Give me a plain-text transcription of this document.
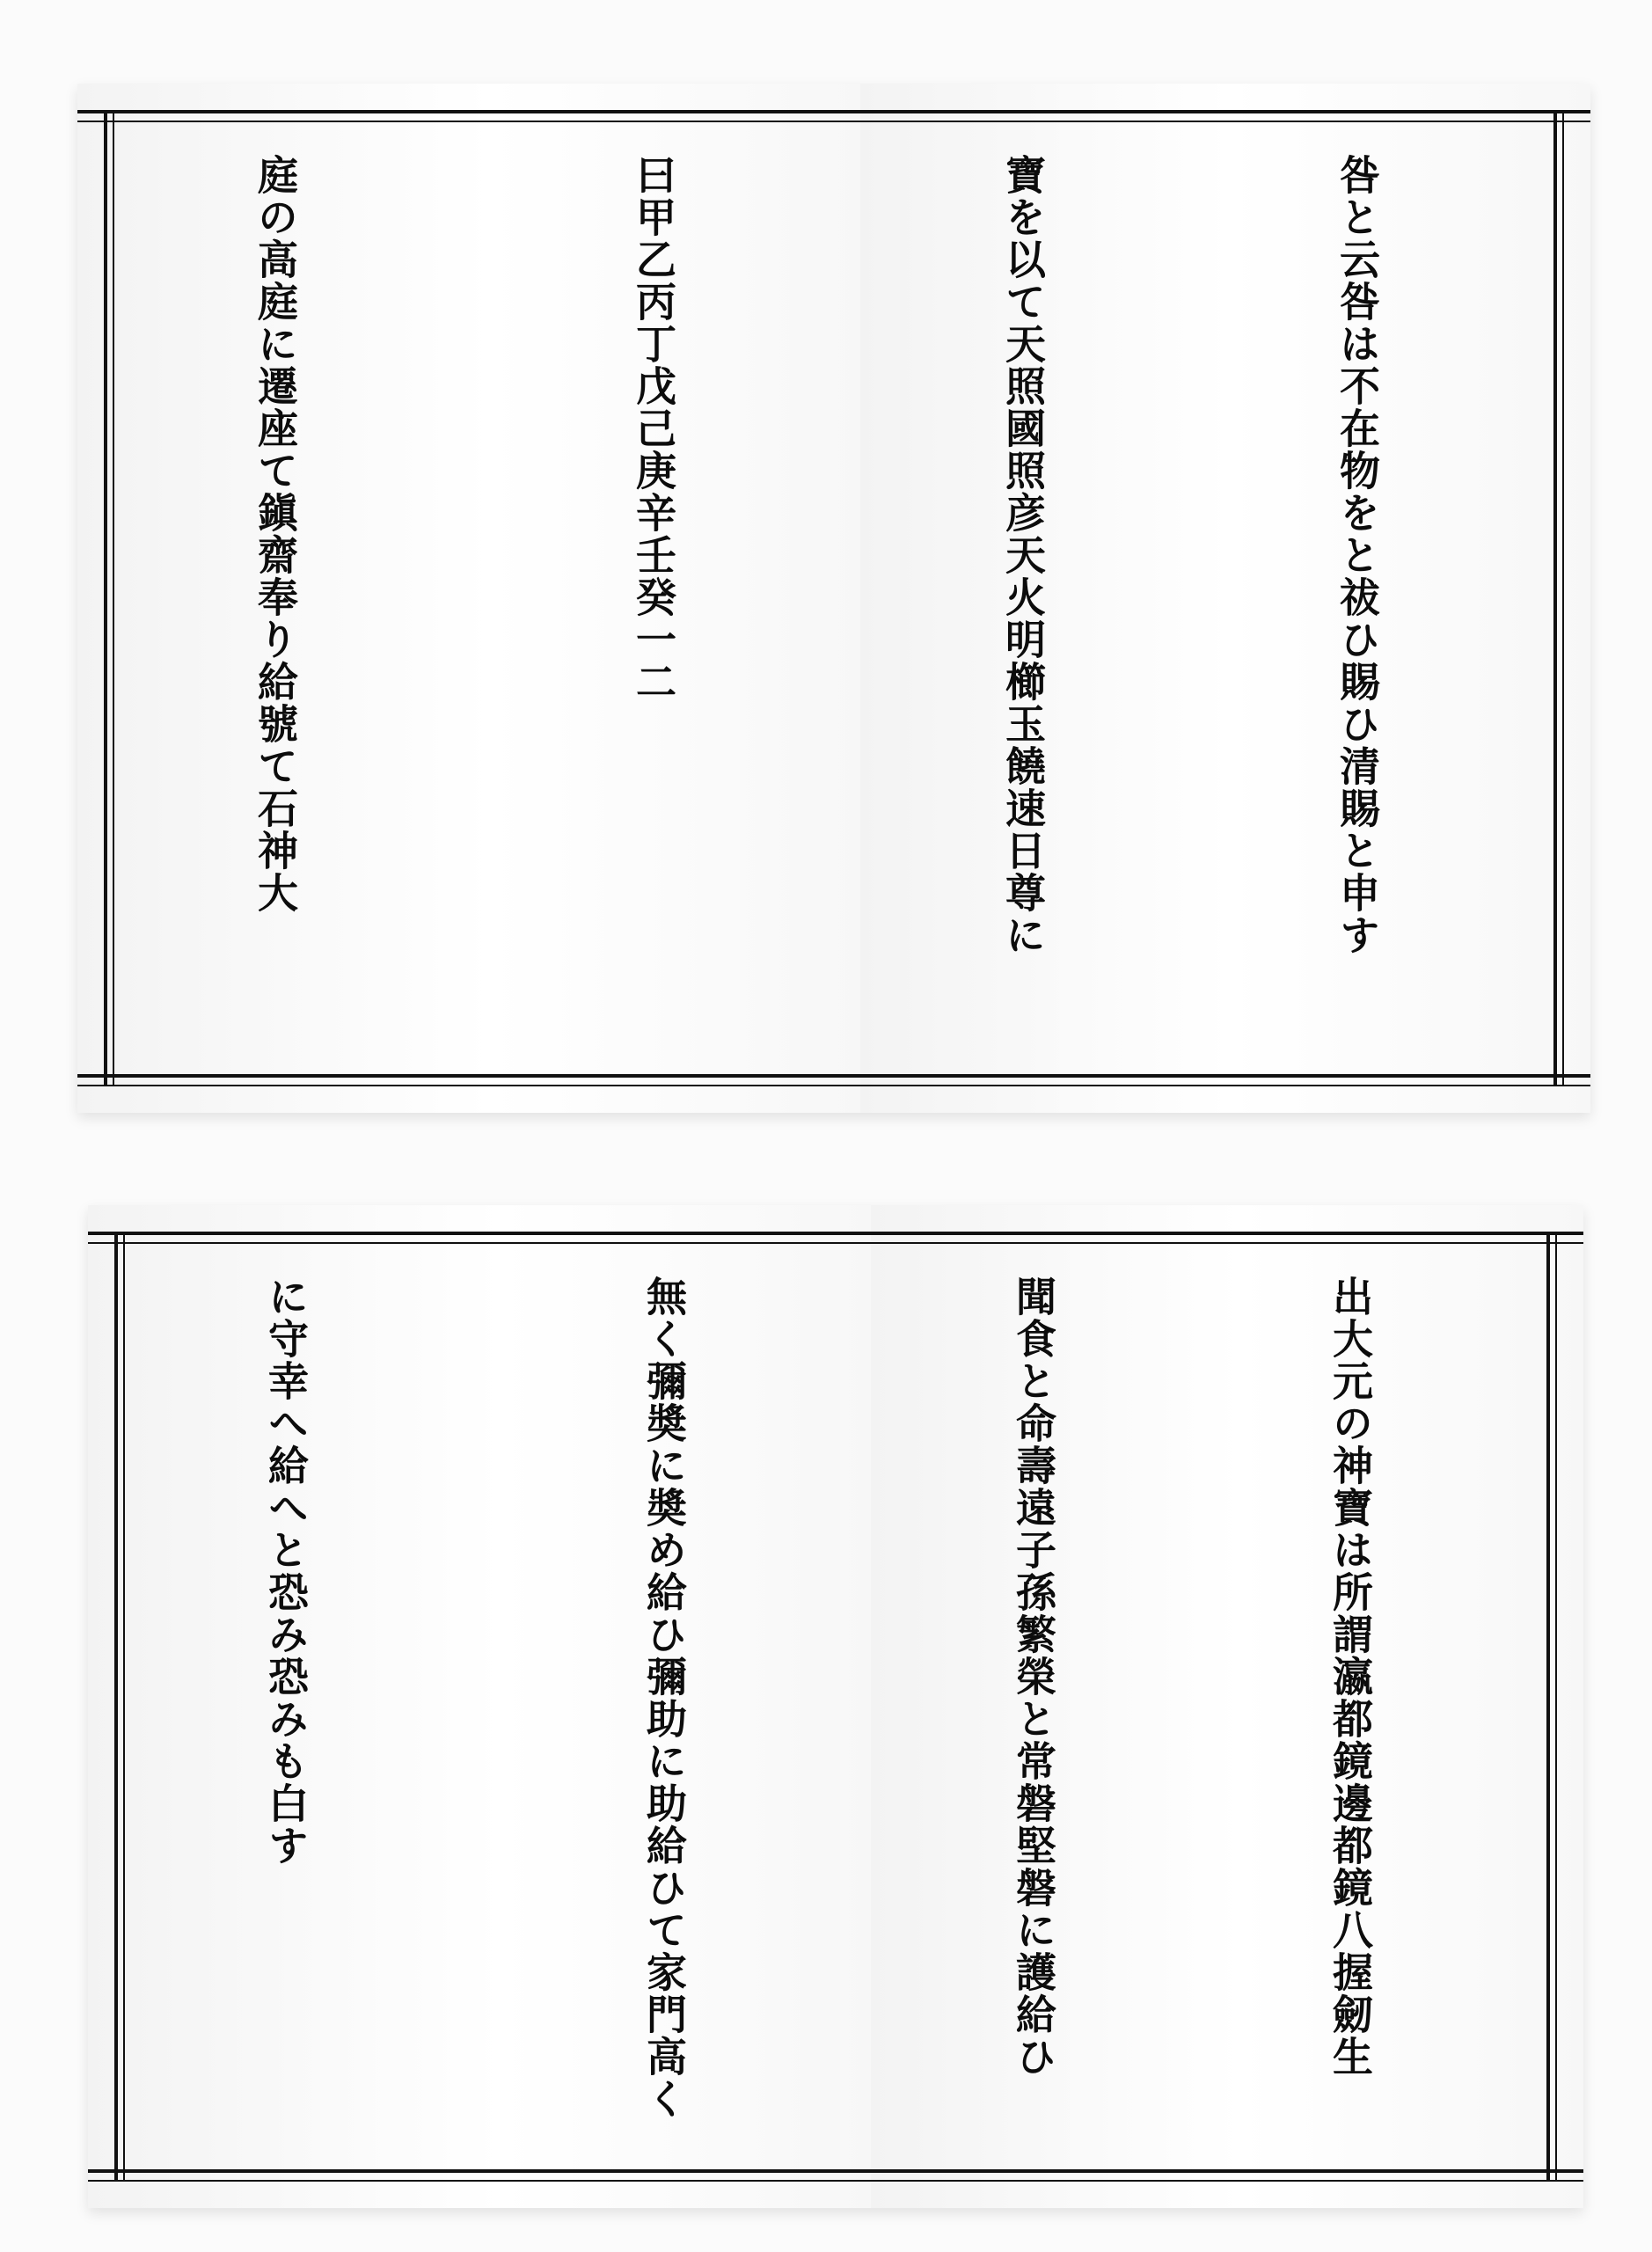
庭の高庭に遷座て鎭齋奉り給號て石神大

	曰甲乙丙丁戊己庚辛壬癸一二

	寶を以て天照國照彦天火明櫛玉饒速日尊に

	咎と云咎は不在物をと祓ひ賜ひ清賜と申す

に守幸へ給へと恐み恐みも白す

	無く彌奬に奬め給ひ彌助に助給ひて家門高く

	聞食と命壽遠子孫繁榮と常磐堅磐に護給ひ

	出大元の神寶は所謂瀛都鏡邊都鏡八握劒生
